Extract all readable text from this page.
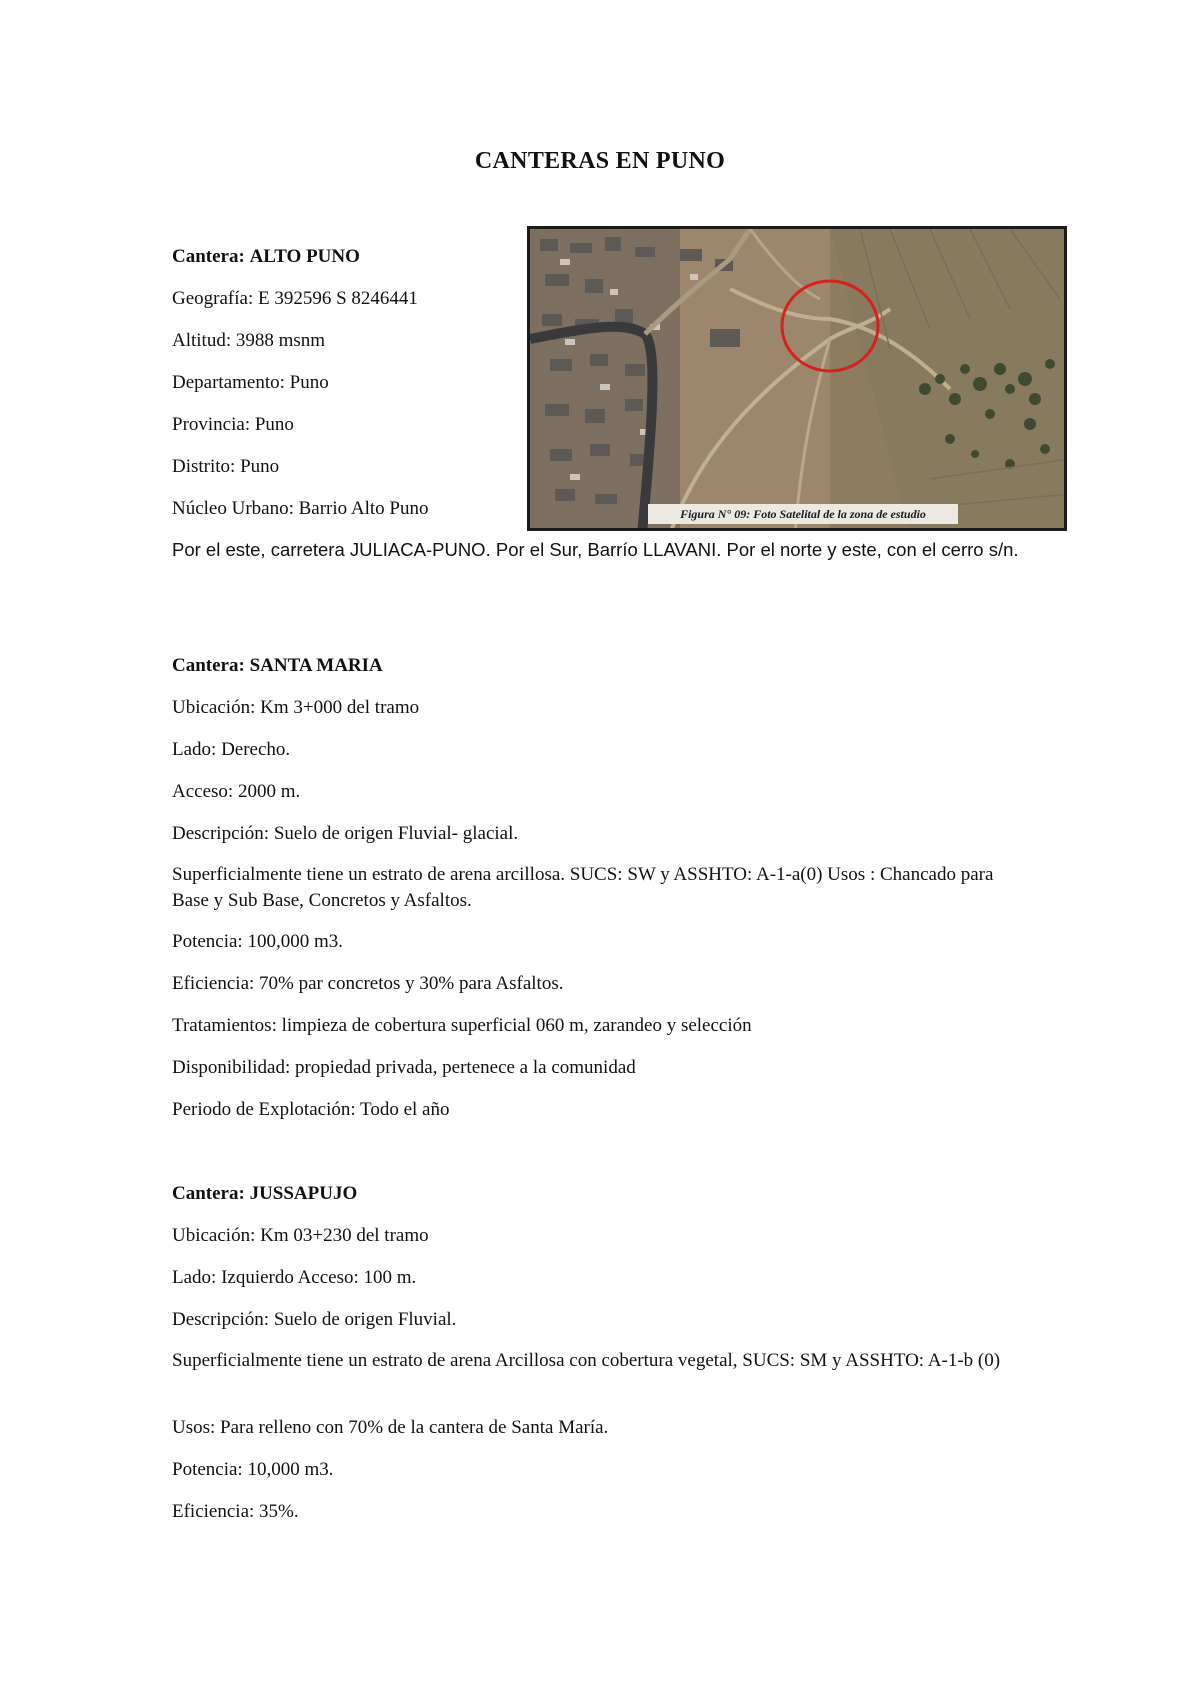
CANTERAS EN PUNO
Cantera: ALTO PUNO
Geografía: E 392596 S 8246441
Altitud: 3988 msnm
Departamento: Puno
Provincia: Puno
Distrito: Puno
Núcleo Urbano: Barrio Alto Puno
Por el este, carretera JULIACA-PUNO. Por el Sur, Barrío LLAVANI. Por el norte y este, con el cerro s/n.
Figura N° 09: Foto Satelital de la zona de estudio
Cantera: SANTA MARIA
Ubicación: Km 3+000 del tramo
Lado: Derecho.
Acceso: 2000 m.
Descripción: Suelo de origen Fluvial- glacial.
Superficialmente tiene un estrato de arena arcillosa. SUCS: SW y ASSHTO: A-1-a(0) Usos : Chancado para Base y Sub Base, Concretos y Asfaltos.
Potencia: 100,000 m3.
Eficiencia: 70% par concretos y 30% para Asfaltos.
Tratamientos: limpieza de cobertura superficial 060 m, zarandeo y selección
Disponibilidad: propiedad privada, pertenece a la comunidad
Periodo de Explotación: Todo el año
Cantera: JUSSAPUJO
Ubicación: Km 03+230 del tramo
Lado: Izquierdo Acceso: 100 m.
Descripción: Suelo de origen Fluvial.
Superficialmente tiene un estrato de arena Arcillosa con cobertura vegetal, SUCS: SM y ASSHTO: A-1-b (0)
Usos: Para relleno con 70% de la cantera de Santa María.
Potencia: 10,000 m3.
Eficiencia: 35%.
